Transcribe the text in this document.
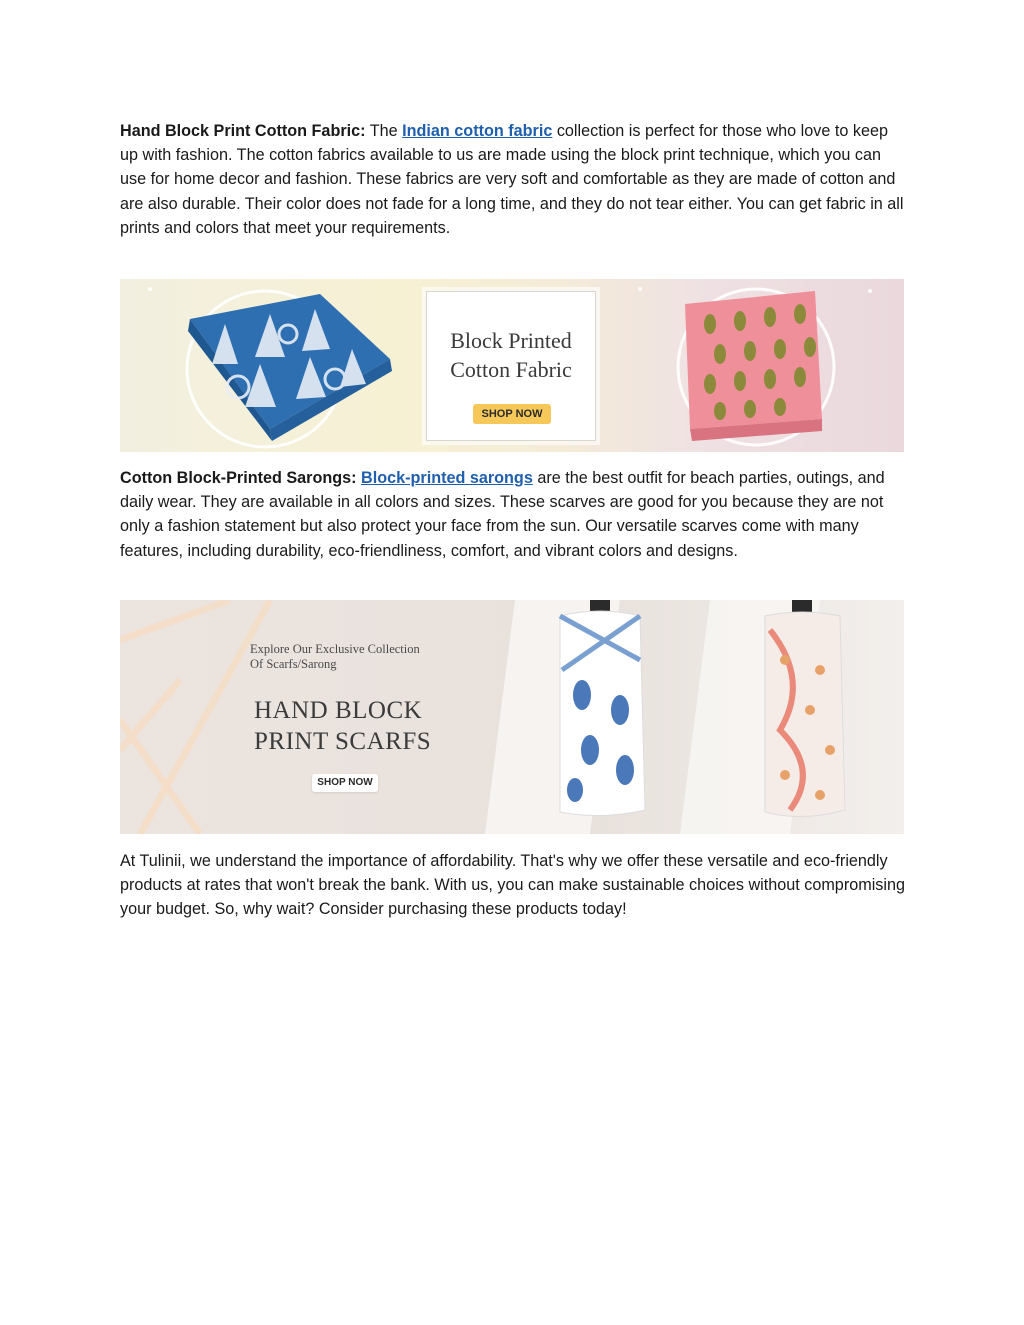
Hand Block Print Cotton Fabric: The Indian cotton fabric collection is perfect for those who love to keep up with fashion. The cotton fabrics available to us are made using the block print technique, which you can use for home decor and fashion. These fabrics are very soft and comfortable as they are made of cotton and are also durable. Their color does not fade for a long time, and they do not tear either. You can get fabric in all prints and colors that meet your requirements.

Block Printed
Cotton Fabric
SHOP NOW

Cotton Block-Printed Sarongs: Block-printed sarongs are the best outfit for beach parties, outings, and daily wear. They are available in all colors and sizes. These scarves are good for you because they are not only a fashion statement but also protect your face from the sun. Our versatile scarves come with many features, including durability, eco-friendliness, comfort, and vibrant colors and designs.

Explore Our Exclusive Collection
Of Scarfs/Sarong
HAND BLOCK
PRINT SCARFS
SHOP NOW

At Tulinii, we understand the importance of affordability. That's why we offer these versatile and eco-friendly products at rates that won't break the bank. With us, you can make sustainable choices without compromising your budget. So, why wait? Consider purchasing these products today!
